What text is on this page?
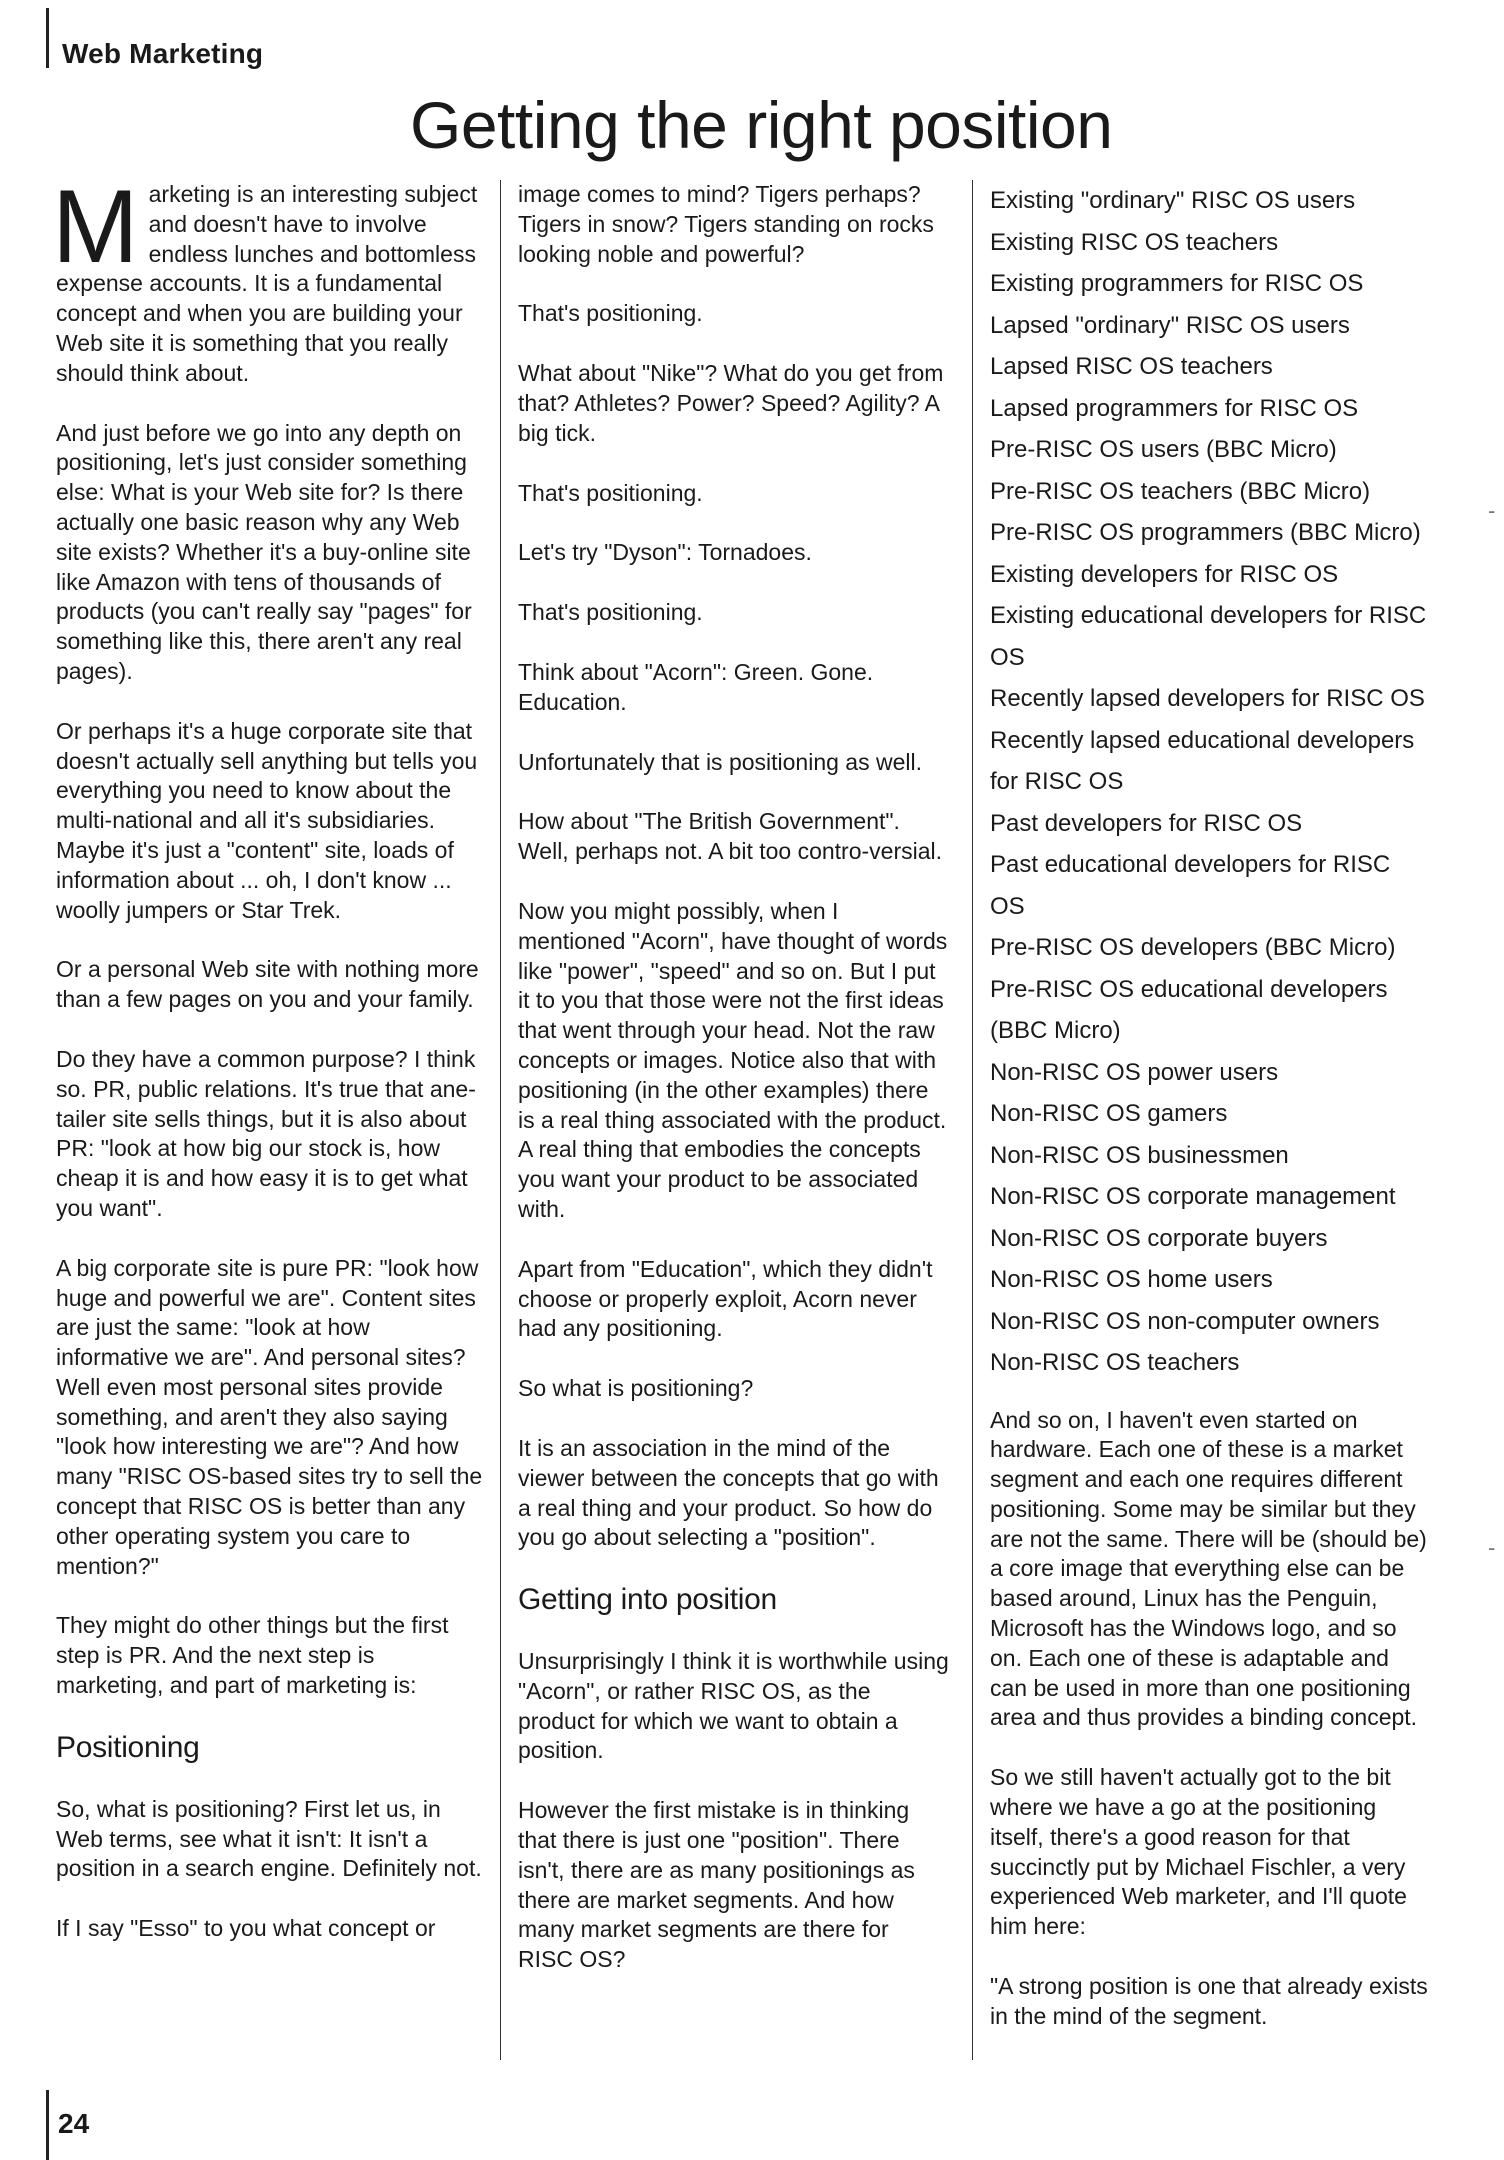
Web Marketing
Getting the right position

Marketing is an interesting subject and doesn't have to involve endless lunches and bottomless expense accounts. It is a fundamental concept and when you are building your Web site it is something that you really should think about.

And just before we go into any depth on positioning, let's just consider something else: What is your Web site for? Is there actually one basic reason why any Web site exists? Whether it's a buy-online site like Amazon with tens of thousands of products (you can't really say "pages" for something like this, there aren't any real pages).

Or perhaps it's a huge corporate site that doesn't actually sell anything but tells you everything you need to know about the multi-national and all it's subsidiaries. Maybe it's just a "content" site, loads of information about ... oh, I don't know ... woolly jumpers or Star Trek.

Or a personal Web site with nothing more than a few pages on you and your family.

Do they have a common purpose? I think so. PR, public relations. It's true that ane-tailer site sells things, but it is also about PR: "look at how big our stock is, how cheap it is and how easy it is to get what you want".

A big corporate site is pure PR: "look how huge and powerful we are". Content sites are just the same: "look at how informative we are". And personal sites? Well even most personal sites provide something, and aren't they also saying "look how interesting we are"? And how many "RISC OS-based sites try to sell the concept that RISC OS is better than any other operating system you care to mention?"

They might do other things but the first step is PR. And the next step is marketing, and part of marketing is:

Positioning

So, what is positioning? First let us, in Web terms, see what it isn't: It isn't a position in a search engine. Definitely not.

If I say "Esso" to you what concept or

image comes to mind? Tigers perhaps? Tigers in snow? Tigers standing on rocks looking noble and powerful?

That's positioning.

What about "Nike"? What do you get from that? Athletes? Power? Speed? Agility? A big tick.

That's positioning.

Let's try "Dyson": Tornadoes.

That's positioning.

Think about "Acorn": Green. Gone. Education.

Unfortunately that is positioning as well.

How about "The British Government". Well, perhaps not. A bit too contro-versial.

Now you might possibly, when I mentioned "Acorn", have thought of words like "power", "speed" and so on. But I put it to you that those were not the first ideas that went through your head. Not the raw concepts or images. Notice also that with positioning (in the other examples) there is a real thing associated with the product. A real thing that embodies the concepts you want your product to be associated with.

Apart from "Education", which they didn't choose or properly exploit, Acorn never had any positioning.

So what is positioning?

It is an association in the mind of the viewer between the concepts that go with a real thing and your product. So how do you go about selecting a "position".

Getting into position

Unsurprisingly I think it is worthwhile using "Acorn", or rather RISC OS, as the product for which we want to obtain a position.

However the first mistake is in thinking that there is just one "position". There isn't, there are as many positionings as there are market segments. And how many market segments are there for RISC OS?

Existing "ordinary" RISC OS users
Existing RISC OS teachers
Existing programmers for RISC OS
Lapsed "ordinary" RISC OS users
Lapsed RISC OS teachers
Lapsed programmers for RISC OS
Pre-RISC OS users (BBC Micro)
Pre-RISC OS teachers (BBC Micro)
Pre-RISC OS programmers (BBC Micro)
Existing developers for RISC OS
Existing educational developers for RISC OS
Recently lapsed developers for RISC OS
Recently lapsed educational developers for RISC OS
Past developers for RISC OS
Past educational developers for RISC OS
Pre-RISC OS developers (BBC Micro)
Pre-RISC OS educational developers (BBC Micro)
Non-RISC OS power users
Non-RISC OS gamers
Non-RISC OS businessmen
Non-RISC OS corporate management
Non-RISC OS corporate buyers
Non-RISC OS home users
Non-RISC OS non-computer owners
Non-RISC OS teachers

And so on, I haven't even started on hardware. Each one of these is a market segment and each one requires different positioning. Some may be similar but they are not the same. There will be (should be) a core image that everything else can be based around, Linux has the Penguin, Microsoft has the Windows logo, and so on. Each one of these is adaptable and can be used in more than one positioning area and thus provides a binding concept.

So we still haven't actually got to the bit where we have a go at the positioning itself, there's a good reason for that succinctly put by Michael Fischler, a very experienced Web marketer, and I'll quote him here:

"A strong position is one that already exists in the mind of the segment.

-
-
24
